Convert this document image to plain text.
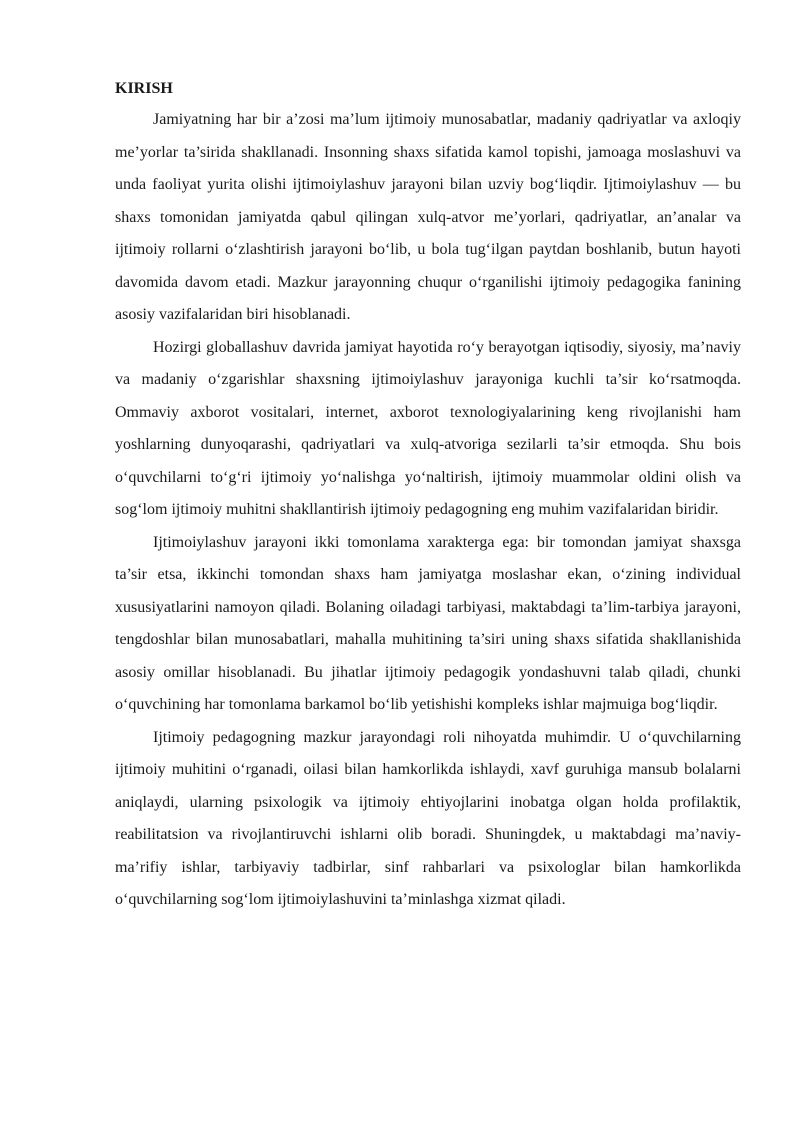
KIRISH

Jamiyatning har bir a’zosi ma’lum ijtimoiy munosabatlar, madaniy qadriyatlar va axloqiy me’yorlar ta’sirida shakllanadi. Insonning shaxs sifatida kamol topishi, jamoaga moslashuvi va unda faoliyat yurita olishi ijtimoiylashuv jarayoni bilan uzviy bog‘liqdir. Ijtimoiylashuv — bu shaxs tomonidan jamiyatda qabul qilingan xulq-atvor me’yorlari, qadriyatlar, an’analar va ijtimoiy rollarni o‘zlashtirish jarayoni bo‘lib, u bola tug‘ilgan paytdan boshlanib, butun hayoti davomida davom etadi. Mazkur jarayonning chuqur o‘rganilishi ijtimoiy pedagogika fanining asosiy vazifalaridan biri hisoblanadi.

Hozirgi globallashuv davrida jamiyat hayotida ro‘y berayotgan iqtisodiy, siyosiy, ma’naviy va madaniy o‘zgarishlar shaxsning ijtimoiylashuv jarayoniga kuchli ta’sir ko‘rsatmoqda. Ommaviy axborot vositalari, internet, axborot texnologiyalarining keng rivojlanishi ham yoshlarning dunyoqarashi, qadriyatlari va xulq-atvoriga sezilarli ta’sir etmoqda. Shu bois o‘quvchilarni to‘g‘ri ijtimoiy yo‘nalishga yo‘naltirish, ijtimoiy muammolar oldini olish va sog‘lom ijtimoiy muhitni shakllantirish ijtimoiy pedagogning eng muhim vazifalaridan biridir.

Ijtimoiylashuv jarayoni ikki tomonlama xarakterga ega: bir tomondan jamiyat shaxsga ta’sir etsa, ikkinchi tomondan shaxs ham jamiyatga moslashar ekan, o‘zining individual xususiyatlarini namoyon qiladi. Bolaning oiladagi tarbiyasi, maktabdagi ta’lim-tarbiya jarayoni, tengdoshlar bilan munosabatlari, mahalla muhitining ta’siri uning shaxs sifatida shakllanishida asosiy omillar hisoblanadi. Bu jihatlar ijtimoiy pedagogik yondashuvni talab qiladi, chunki o‘quvchining har tomonlama barkamol bo‘lib yetishishi kompleks ishlar majmuiga bog‘liqdir.

Ijtimoiy pedagogning mazkur jarayondagi roli nihoyatda muhimdir. U o‘quvchilarning ijtimoiy muhitini o‘rganadi, oilasi bilan hamkorlikda ishlaydi, xavf guruhiga mansub bolalarni aniqlaydi, ularning psixologik va ijtimoiy ehtiyojlarini inobatga olgan holda profilaktik, reabilitatsion va rivojlantiruvchi ishlarni olib boradi. Shuningdek, u maktabdagi ma’naviy-ma’rifiy ishlar, tarbiyaviy tadbirlar, sinf rahbarlari va psixologlar bilan hamkorlikda o‘quvchilarning sog‘lom ijtimoiylashuvini ta’minlashga xizmat qiladi.
